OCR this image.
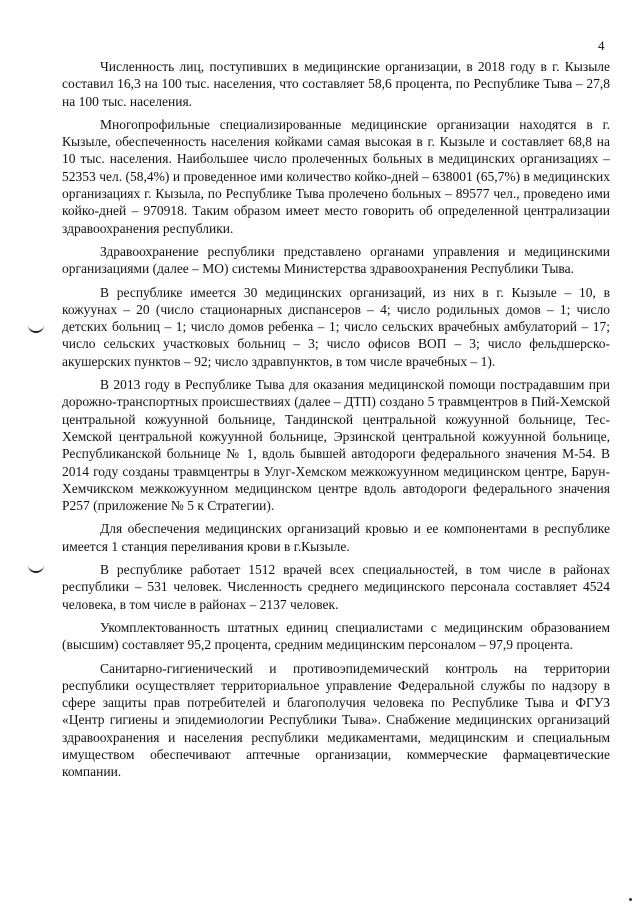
4

Численность лиц, поступивших в медицинские организации, в 2018 году в г. Кызыле составил 16,3 на 100 тыс. населения, что составляет 58,6 процента, по Республике Тыва – 27,8 на 100 тыс. населения.

Многопрофильные специализированные медицинские организации находятся в г. Кызыле, обеспеченность населения койками самая высокая в г. Кызыле и составляет 68,8 на 10 тыс. населения. Наибольшее число пролеченных больных в медицинских организациях – 52353 чел. (58,4%) и проведенное ими количество койко-дней – 638001 (65,7%) в медицинских организациях г. Кызыла, по Республике Тыва пролечено больных – 89577 чел., проведено ими койко-дней – 970918. Таким образом имеет место говорить об определенной централизации здравоохранения республики.

Здравоохранение республики представлено органами управления и медицинскими организациями (далее – МО) системы Министерства здравоохранения Республики Тыва.

В республике имеется 30 медицинских организаций, из них в г. Кызыле – 10, в кожуунах – 20 (число стационарных диспансеров – 4; число родильных домов – 1; число детских больниц – 1; число домов ребенка – 1; число сельских врачебных амбулаторий – 17; число сельских участковых больниц – 3; число офисов ВОП – 3; число фельдшерско-акушерских пунктов – 92; число здравпунктов, в том числе врачебных – 1).

В 2013 году в Республике Тыва для оказания медицинской помощи пострадавшим при дорожно-транспортных происшествиях (далее – ДТП) создано 5 травмцентров в Пий-Хемской центральной кожуунной больнице, Тандинской центральной кожуунной больнице, Тес-Хемской центральной кожуунной больнице, Эрзинской центральной кожуунной больнице, Республиканской больнице № 1, вдоль бывшей автодороги федерального значения М-54. В 2014 году созданы травмцентры в Улуг-Хемском межкожуунном медицинском центре, Барун-Хемчикском межкожуунном медицинском центре вдоль автодороги федерального значения Р257 (приложение № 5 к Стратегии).

Для обеспечения медицинских организаций кровью и ее компонентами в республике имеется 1 станция переливания крови в г.Кызыле.

В республике работает 1512 врачей всех специальностей, в том числе в районах республики – 531 человек. Численность среднего медицинского персонала составляет 4524 человека, в том числе в районах – 2137 человек.

Укомплектованность штатных единиц специалистами с медицинским образованием (высшим) составляет 95,2 процента, средним медицинским персоналом – 97,9 процента.

Санитарно-гигиенический и противоэпидемический контроль на территории республики осуществляет территориальное управление Федеральной службы по надзору в сфере защиты прав потребителей и благополучия человека по Республике Тыва и ФГУЗ «Центр гигиены и эпидемиологии Республики Тыва». Снабжение медицинских организаций здравоохранения и населения республики медикаментами, медицинским и специальным имуществом обеспечивают аптечные организации, коммерческие фармацевтические компании.
